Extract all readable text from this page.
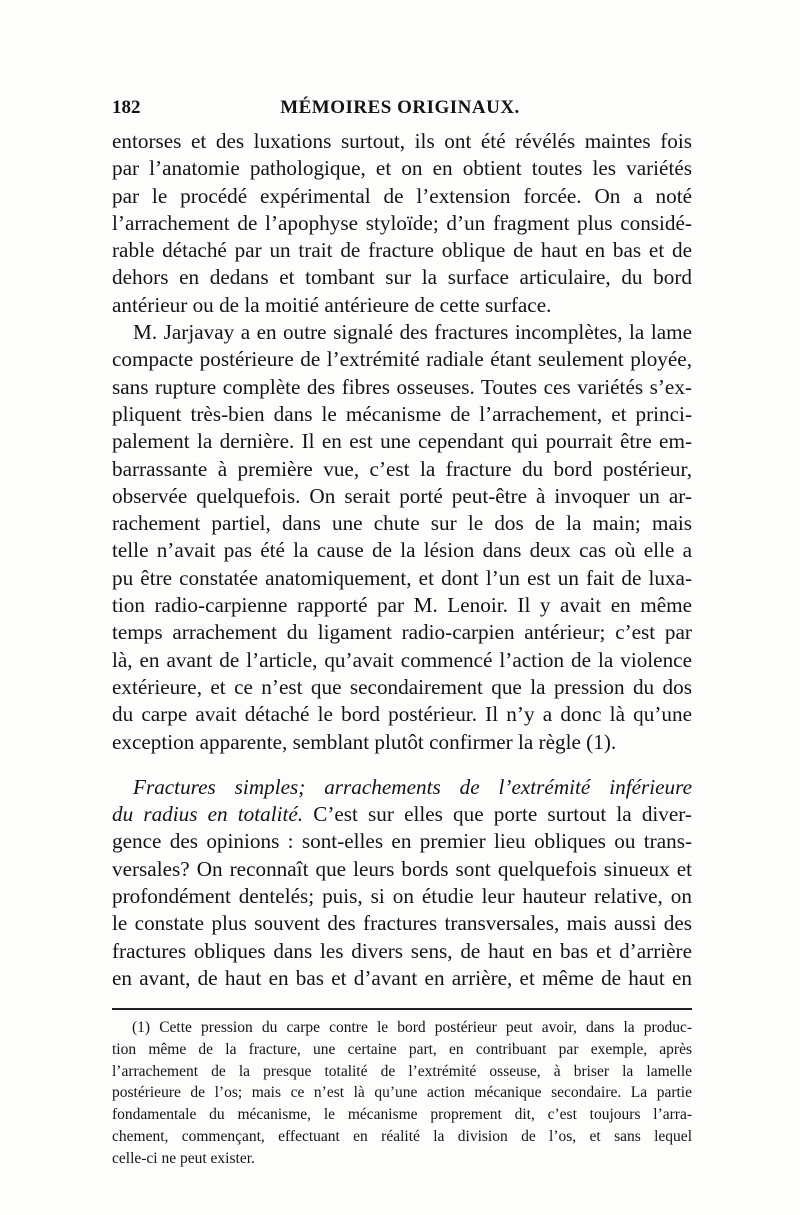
182	MÉMOIRES ORIGINAUX.
entorses et des luxations surtout, ils ont été révélés maintes fois
par l’anatomie pathologique, et on en obtient toutes les variétés
par le procédé expérimental de l’extension forcée. On a noté
l’arrachement de l’apophyse styloïde; d’un fragment plus considé-
rable détaché par un trait de fracture oblique de haut en bas et de
dehors en dedans et tombant sur la surface articulaire, du bord
antérieur ou de la moitié antérieure de cette surface.
M. Jarjavay a en outre signalé des fractures incomplètes, la lame
compacte postérieure de l’extrémité radiale étant seulement ployée,
sans rupture complète des fibres osseuses. Toutes ces variétés s’ex-
pliquent très-bien dans le mécanisme de l’arrachement, et princi-
palement la dernière. Il en est une cependant qui pourrait être em-
barrassante à première vue, c’est la fracture du bord postérieur,
observée quelquefois. On serait porté peut-être à invoquer un ar-
rachement partiel, dans une chute sur le dos de la main; mais
telle n’avait pas été la cause de la lésion dans deux cas où elle a
pu être constatée anatomiquement, et dont l’un est un fait de luxa-
tion radio-carpienne rapporté par M. Lenoir. Il y avait en même
temps arrachement du ligament radio-carpien antérieur; c’est par
là, en avant de l’article, qu’avait commencé l’action de la violence
extérieure, et ce n’est que secondairement que la pression du dos
du carpe avait détaché le bord postérieur. Il n’y a donc là qu’une
exception apparente, semblant plutôt confirmer la règle (1).
Fractures simples; arrachements de l’extrémité inférieure
du radius en totalité. C’est sur elles que porte surtout la diver-
gence des opinions : sont-elles en premier lieu obliques ou trans-
versales? On reconnaît que leurs bords sont quelquefois sinueux et
profondément dentelés; puis, si on étudie leur hauteur relative, on
le constate plus souvent des fractures transversales, mais aussi des
fractures obliques dans les divers sens, de haut en bas et d’arrière
en avant, de haut en bas et d’avant en arrière, et même de haut en
(1) Cette pression du carpe contre le bord postérieur peut avoir, dans la produc-
tion même de la fracture, une certaine part, en contribuant par exemple, après
l’arrachement de la presque totalité de l’extrémité osseuse, à briser la lamelle
postérieure de l’os; mais ce n’est là qu’une action mécanique secondaire. La partie
fondamentale du mécanisme, le mécanisme proprement dit, c’est toujours l’arra-
chement, commençant, effectuant en réalité la division de l’os, et sans lequel
celle-ci ne peut exister.
